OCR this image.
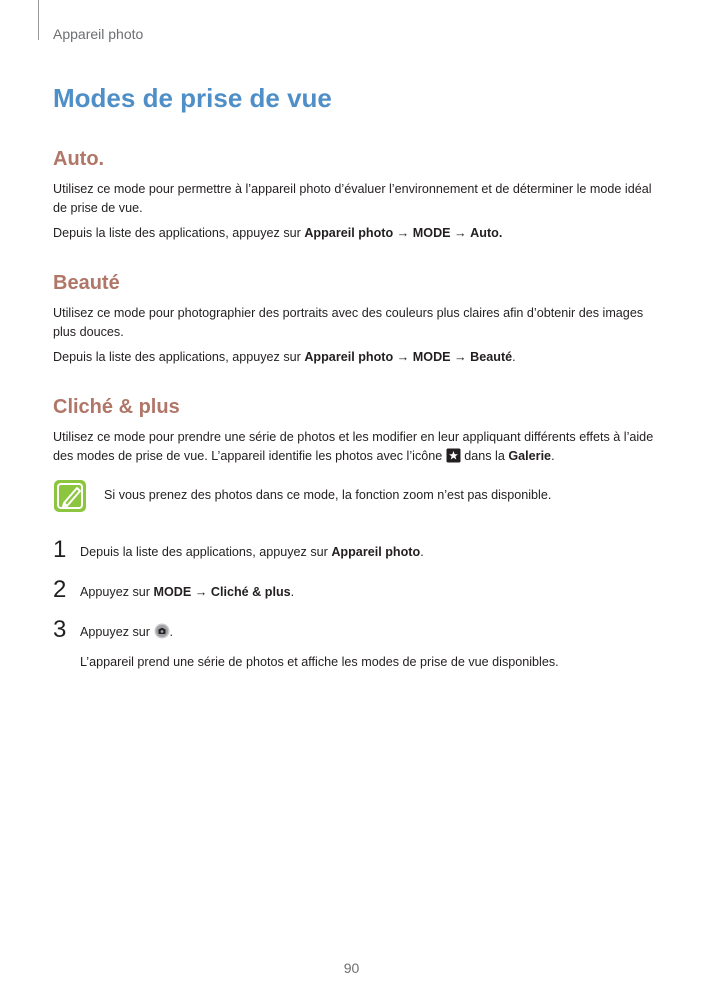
Appareil photo
Modes de prise de vue
Auto.

Utilisez ce mode pour permettre à l’appareil photo d’évaluer l’environnement et de déterminer le mode idéal de prise de vue.

Depuis la liste des applications, appuyez sur Appareil photo → MODE → Auto.

Beauté

Utilisez ce mode pour photographier des portraits avec des couleurs plus claires afin d’obtenir des images plus douces.

Depuis la liste des applications, appuyez sur Appareil photo → MODE → Beauté.

Cliché & plus

Utilisez ce mode pour prendre une série de photos et les modifier en leur appliquant différents effets à l’aide des modes de prise de vue. L’appareil identifie les photos avec l’icône  dans la Galerie.

Si vous prenez des photos dans ce mode, la fonction zoom n’est pas disponible.
1 Depuis la liste des applications, appuyez sur Appareil photo.
2 Appuyez sur MODE → Cliché & plus.
3 Appuyez sur .
L’appareil prend une série de photos et affiche les modes de prise de vue disponibles.
90
